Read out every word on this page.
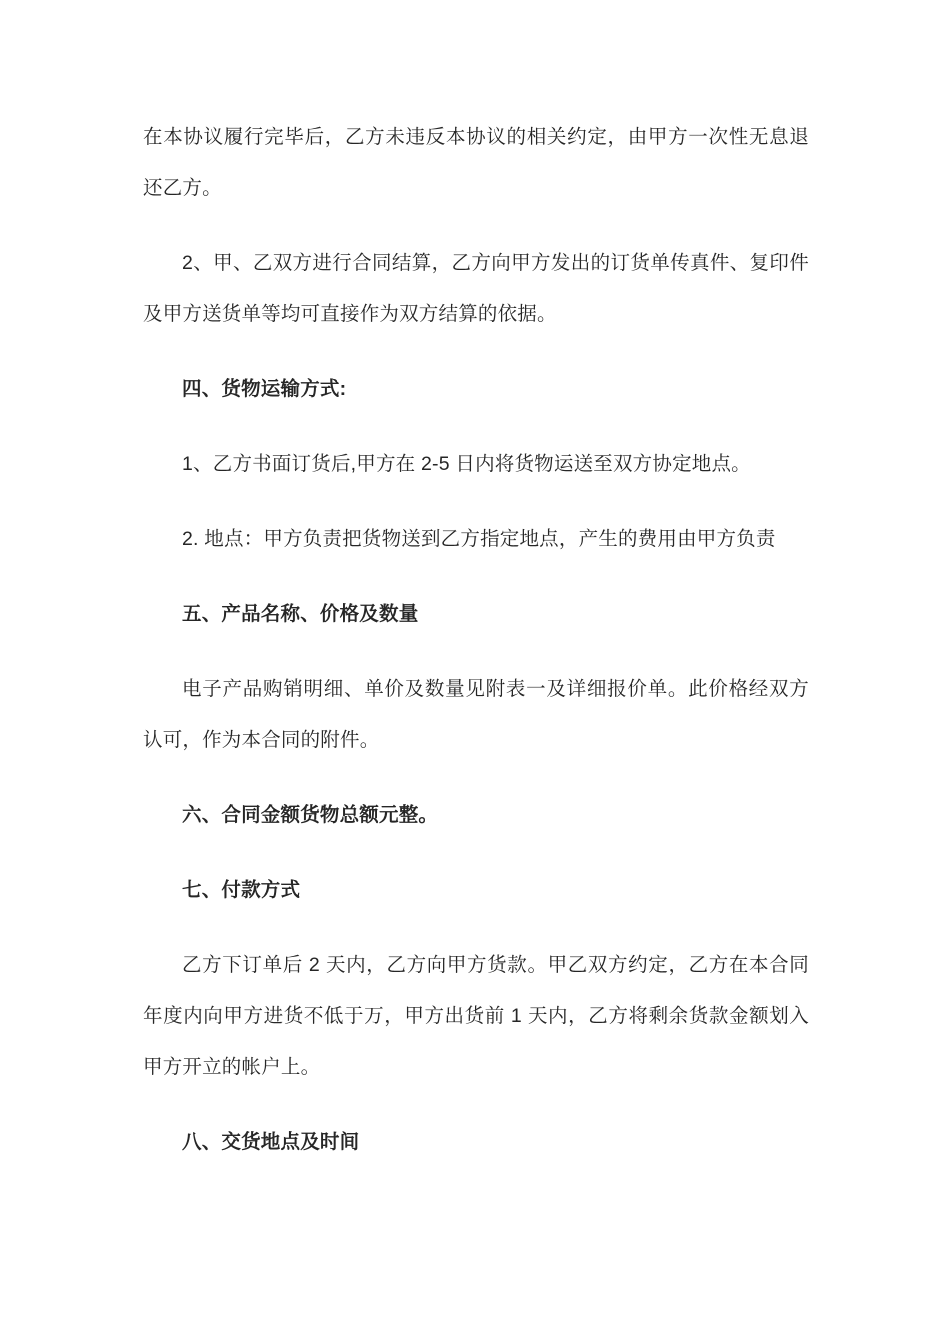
在本协议履行完毕后，乙方未违反本协议的相关约定，由甲方一次性无息退还乙方。

2、甲、乙双方进行合同结算，乙方向甲方发出的订货单传真件、复印件及甲方送货单等均可直接作为双方结算的依据。

四、货物运输方式:

1、乙方书面订货后,甲方在 2-5 日内将货物运送至双方协定地点。

2. 地点：甲方负责把货物送到乙方指定地点，产生的费用由甲方负责

五、产品名称、价格及数量

电子产品购销明细、单价及数量见附表一及详细报价单。此价格经双方认可，作为本合同的附件。

六、合同金额货物总额元整。

七、付款方式

乙方下订单后 2 天内，乙方向甲方货款。甲乙双方约定，乙方在本合同年度内向甲方进货不低于万，甲方出货前 1 天内，乙方将剩余货款金额划入甲方开立的帐户上。

八、交货地点及时间
